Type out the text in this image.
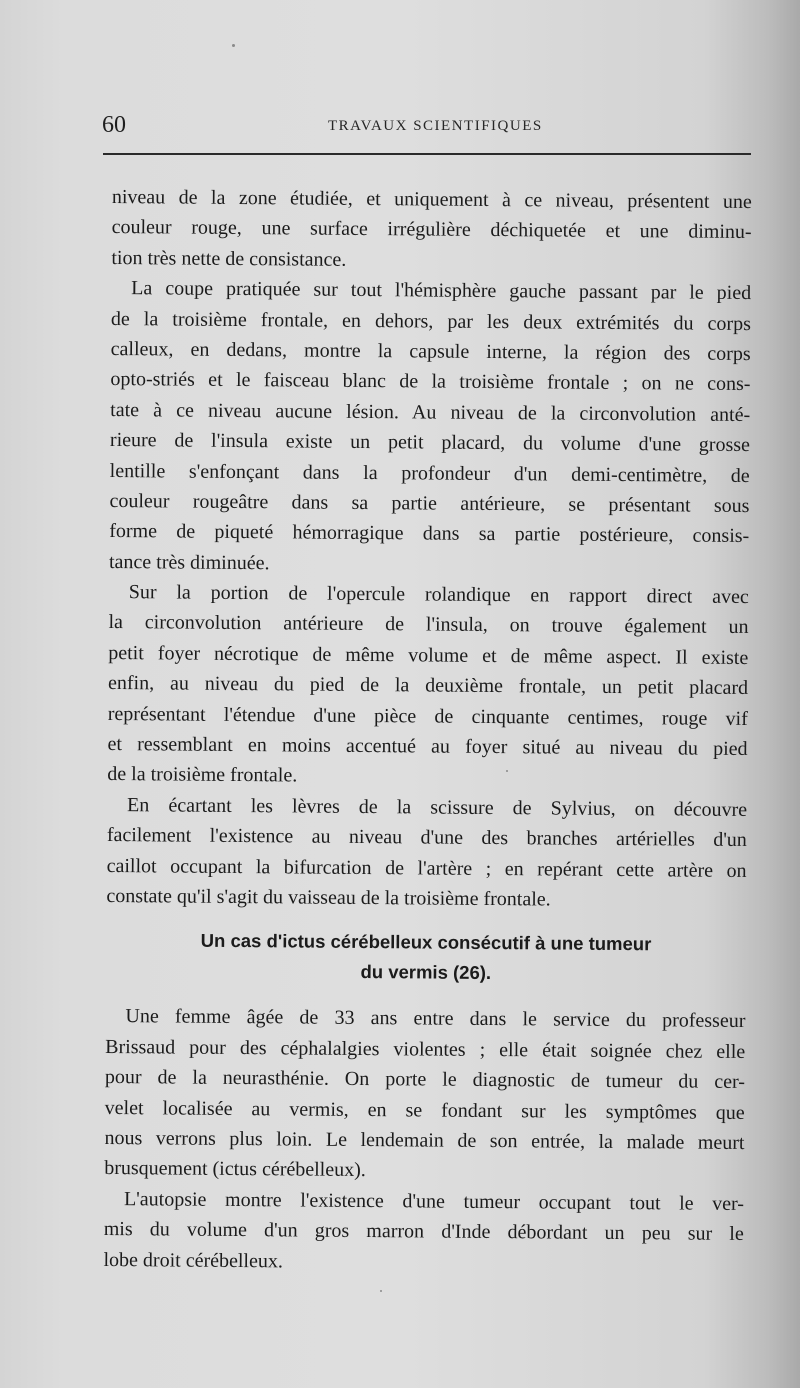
60	TRAVAUX SCIENTIFIQUES
niveau de la zone étudiée, et uniquement à ce niveau, présentent une
couleur rouge, une surface irrégulière déchiquetée et une diminu-
tion très nette de consistance.
La coupe pratiquée sur tout l'hémisphère gauche passant par le pied
de la troisième frontale, en dehors, par les deux extrémités du corps
calleux, en dedans, montre la capsule interne, la région des corps
opto-striés et le faisceau blanc de la troisième frontale ; on ne cons-
tate à ce niveau aucune lésion. Au niveau de la circonvolution anté-
rieure de l'insula existe un petit placard, du volume d'une grosse
lentille s'enfonçant dans la profondeur d'un demi-centimètre, de
couleur rougeâtre dans sa partie antérieure, se présentant sous
forme de piqueté hémorragique dans sa partie postérieure, consis-
tance très diminuée.
Sur la portion de l'opercule rolandique en rapport direct avec
la circonvolution antérieure de l'insula, on trouve également un
petit foyer nécrotique de même volume et de même aspect. Il existe
enfin, au niveau du pied de la deuxième frontale, un petit placard
représentant l'étendue d'une pièce de cinquante centimes, rouge vif
et ressemblant en moins accentué au foyer situé au niveau du pied
de la troisième frontale.
En écartant les lèvres de la scissure de Sylvius, on découvre
facilement l'existence au niveau d'une des branches artérielles d'un
caillot occupant la bifurcation de l'artère ; en repérant cette artère on
constate qu'il s'agit du vaisseau de la troisième frontale.
Un cas d'ictus cérébelleux consécutif à une tumeur
du vermis (26).
Une femme âgée de 33 ans entre dans le service du professeur
Brissaud pour des céphalalgies violentes ; elle était soignée chez elle
pour de la neurasthénie. On porte le diagnostic de tumeur du cer-
velet localisée au vermis, en se fondant sur les symptômes que
nous verrons plus loin. Le lendemain de son entrée, la malade meurt
brusquement (ictus cérébelleux).
L'autopsie montre l'existence d'une tumeur occupant tout le ver-
mis du volume d'un gros marron d'Inde débordant un peu sur le
lobe droit cérébelleux.
